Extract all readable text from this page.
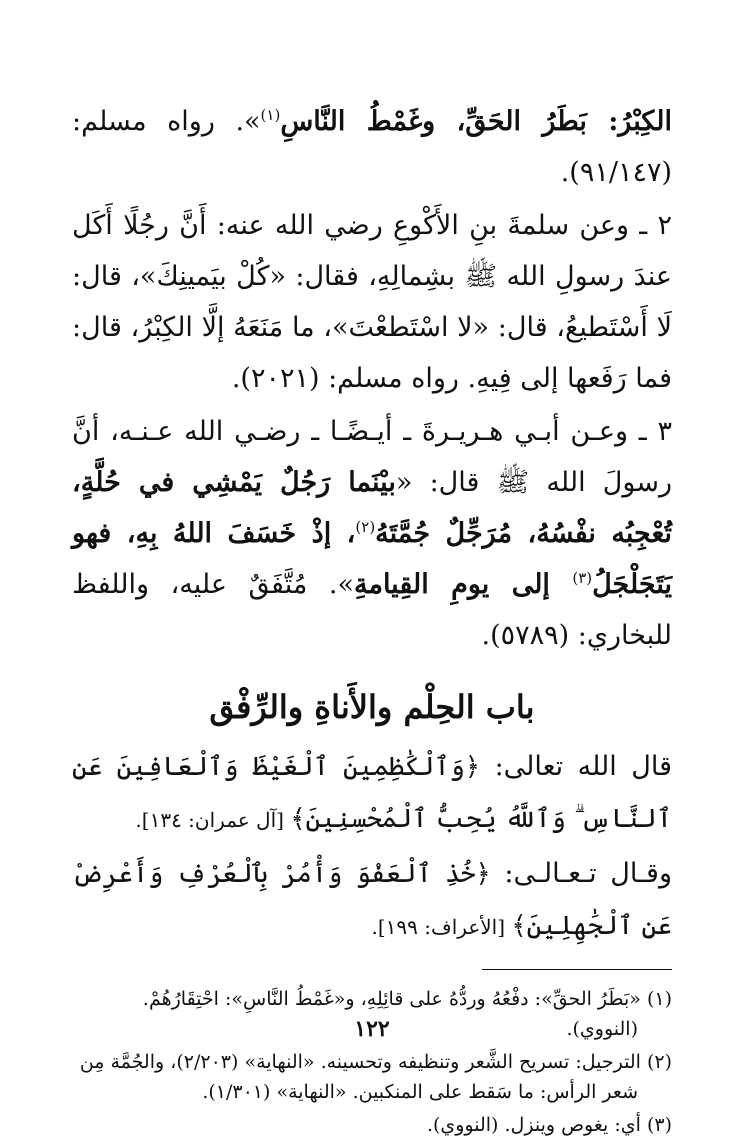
الكِبْرُ: بَطَرُ الحَقِّ، وغَمْطُ النَّاسِ$^{(١)}$». رواه مسلم: (٩١/١٤٧).

٢ ـ وعن سلمةَ بنِ الأَكْوعِ رضي الله عنه: أَنَّ رجُلًا أَكَل عندَ رسولِ الله ﷺ بشِمالِهِ، فقال: «كُلْ بيَمينِكَ»، قال: لَا أَسْتَطيعُ، قال: «لا اسْتَطعْتَ»، ما مَنَعَهُ إلَّا الكِبْرُ، قال: فما رَفَعها إلى فِيهِ. رواه مسلم: (٢٠٢١).

٣ ـ وعـن أبـي هـريـرةَ ـ أيـضًـا ـ رضـي الله عـنـه، أنَّ رسولَ الله ﷺ قال: «بيْنَما رَجُلٌ يَمْشِي في حُلَّةٍ، تُعْجِبُه نفْسُهُ، مُرَجِّلٌ جُمَّتَهُ$^{(٢)}$، إذْ خَسَفَ اللهُ بِهِ، فهو يَتَجَلْجَلُ$^{(٣)}$ إلى يومِ القِيامةِ». مُتَّفَقٌ عليه، واللفظ للبخاري: (٥٧٨٩).

باب الحِلْم والأَناةِ والرِّفْق

قال الله تعالى: ﴿وَٱلْكَٰظِمِينَ ٱلْغَيْظَ وَٱلْعَافِينَ عَنِ ٱلنَّاسِ ۗ وَٱللَّهُ يُحِبُّ ٱلْمُحْسِنِينَ﴾ [آل عمران: ١٣٤].

وقـال تـعـالـى: ﴿خُذِ ٱلْعَفْوَ وَأْمُرْ بِٱلْعُرْفِ وَأَعْرِضْ عَنِ ٱلْجَٰهِلِينَ﴾ [الأعراف: ١٩٩].

(١) «بَطَرُ الحقِّ»: دفْعُهُ وردُّهُ على قائِلِهِ، و«غَمْطُ النَّاسِ»: احْتِقَارُهُمْ.
(النووي).

(٢) الترجيل: تسريح الشَّعر وتنظيفه وتحسينه. «النهاية» (٢/٢٠٣)، والجُمَّة مِن
شعر الرأس: ما سَقط على المنكبين. «النهاية» (١/٣٠١).

(٣) أي: يغوص وينزل. (النووي).

١٢٢
